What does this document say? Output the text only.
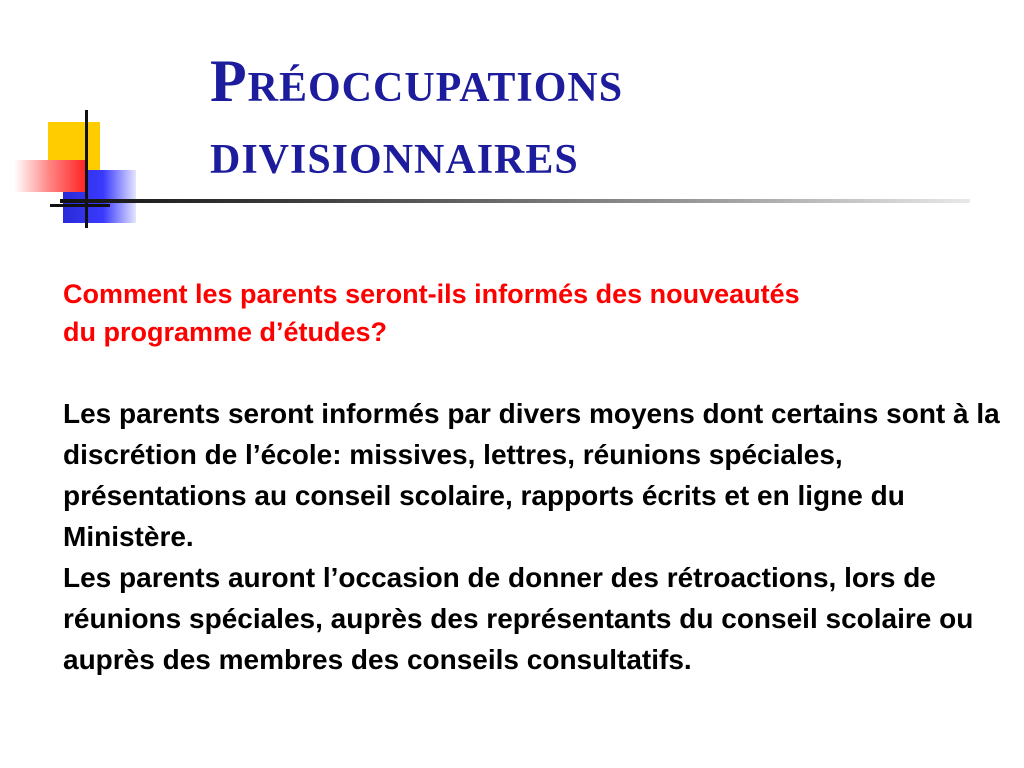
Préoccupations divisionnaires

Comment les parents seront-ils informés des nouveautés du programme d’études?

Les parents seront informés par divers moyens dont certains sont à la discrétion de l’école: missives, lettres, réunions spéciales, présentations au conseil scolaire, rapports écrits et en ligne du Ministère.

Les parents auront l’occasion de donner des rétroactions, lors de réunions spéciales, auprès des représentants du conseil scolaire ou auprès des membres des conseils consultatifs.
